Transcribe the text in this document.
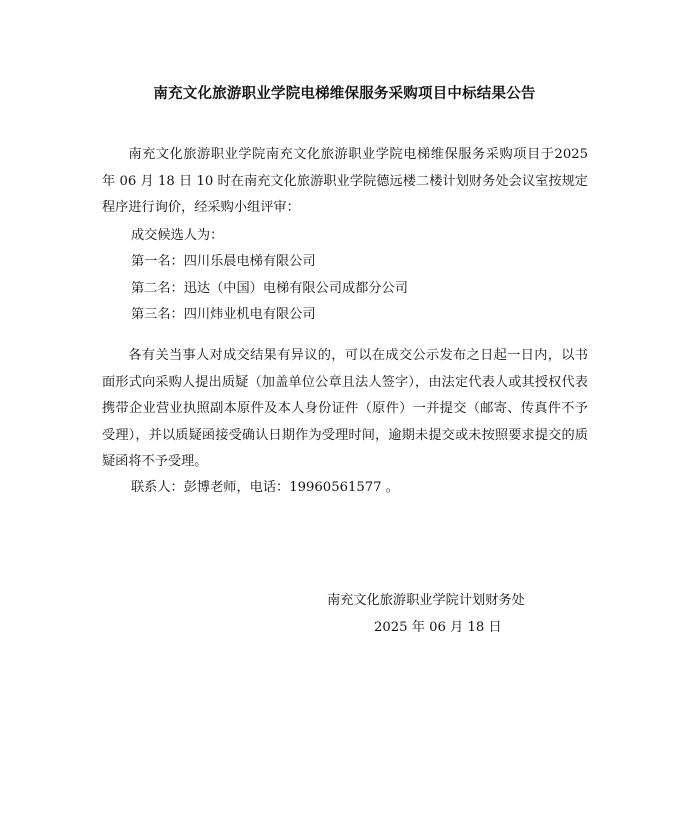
南充文化旅游职业学院电梯维保服务采购项目中标结果公告
南充文化旅游职业学院南充文化旅游职业学院电梯维保服务采购项目于2025 年 06 月 18 日 10 时在南充文化旅游职业学院德远楼二楼计划财务处会议室按规定程序进行询价，经采购小组评审：
成交候选人为：
第一名：四川乐晨电梯有限公司
第二名：迅达（中国）电梯有限公司成都分公司
第三名：四川炜业机电有限公司
各有关当事人对成交结果有异议的，可以在成交公示发布之日起一日内，以书面形式向采购人提出质疑（加盖单位公章且法人签字），由法定代表人或其授权代表携带企业营业执照副本原件及本人身份证件（原件）一并提交（邮寄、传真件不予受理），并以质疑函接受确认日期作为受理时间，逾期未提交或未按照要求提交的质疑函将不予受理。
联系人：彭博老师，电话：19960561577 。
南充文化旅游职业学院计划财务处
2025 年 06 月 18 日
